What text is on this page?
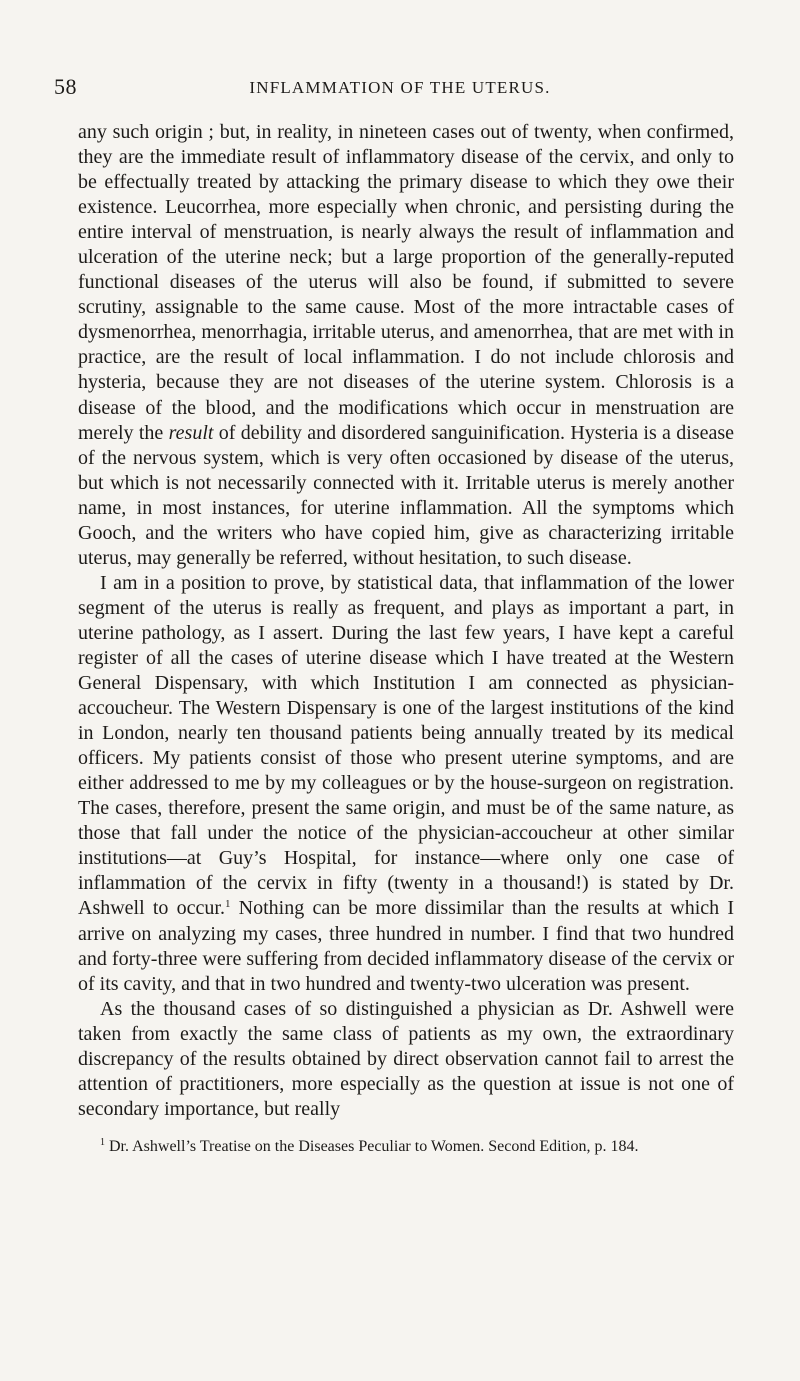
58	INFLAMMATION OF THE UTERUS.

any such origin ; but, in reality, in nineteen cases out of twenty, when confirmed, they are the immediate result of inflammatory disease of the cervix, and only to be effectually treated by attacking the primary disease to which they owe their existence. Leucorrhea, more especially when chronic, and persisting during the entire interval of menstruation, is nearly always the result of inflammation and ulceration of the uterine neck; but a large proportion of the generally-reputed functional diseases of the uterus will also be found, if submitted to severe scrutiny, assignable to the same cause. Most of the more intractable cases of dysmenorrhea, menorrhagia, irritable uterus, and amenorrhea, that are met with in practice, are the result of local inflammation. I do not include chlorosis and hysteria, because they are not diseases of the uterine system. Chlorosis is a disease of the blood, and the modifications which occur in menstruation are merely the result of debility and disordered sanguinification. Hysteria is a disease of the nervous system, which is very often occasioned by disease of the uterus, but which is not necessarily connected with it. Irritable uterus is merely another name, in most instances, for uterine inflammation. All the symptoms which Gooch, and the writers who have copied him, give as characterizing irritable uterus, may generally be referred, without hesitation, to such disease.

I am in a position to prove, by statistical data, that inflammation of the lower segment of the uterus is really as frequent, and plays as important a part, in uterine pathology, as I assert. During the last few years, I have kept a careful register of all the cases of uterine disease which I have treated at the Western General Dispensary, with which Institution I am connected as physician-accoucheur. The Western Dispensary is one of the largest institutions of the kind in London, nearly ten thousand patients being annually treated by its medical officers. My patients consist of those who present uterine symptoms, and are either addressed to me by my colleagues or by the house-surgeon on registration. The cases, therefore, present the same origin, and must be of the same nature, as those that fall under the notice of the physician-accoucheur at other similar institutions—at Guy’s Hospital, for instance—where only one case of inflammation of the cervix in fifty (twenty in a thousand!) is stated by Dr. Ashwell to occur.$^1$ Nothing can be more dissimilar than the results at which I arrive on analyzing my cases, three hundred in number. I find that two hundred and forty-three were suffering from decided inflammatory disease of the cervix or of its cavity, and that in two hundred and twenty-two ulceration was present.

As the thousand cases of so distinguished a physician as Dr. Ashwell were taken from exactly the same class of patients as my own, the extraordinary discrepancy of the results obtained by direct observation cannot fail to arrest the attention of practitioners, more especially as the question at issue is not one of secondary importance, but really

$^1$ Dr. Ashwell’s Treatise on the Diseases Peculiar to Women. Second Edition, p. 184.
